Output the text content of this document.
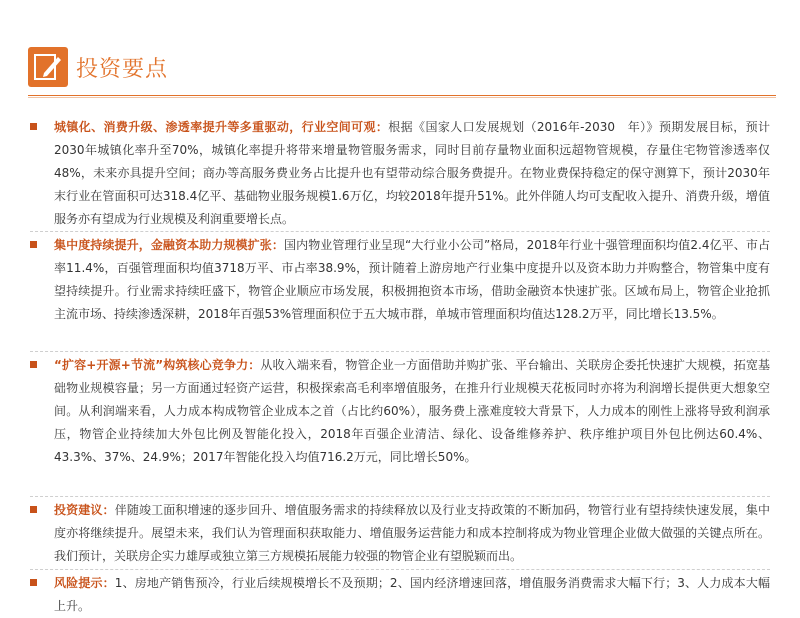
投资要点
城镇化、消费升级、渗透率提升等多重驱动，行业空间可观：根据《国家人口发展规划（2016年-2030　年）》预期发展目标，预计2030年城镇化率升至70%，城镇化率提升将带来增量物管服务需求，同时目前存量物业面积远超物管规模，存量住宅物管渗透率仅48%，未来亦具提升空间；商办等高服务费业务占比提升也有望带动综合服务费提升。在物业费保持稳定的保守测算下，预计2030年末行业在管面积可达318.4亿平、基础物业服务规模1.6万亿，均较2018年提升51%。此外伴随人均可支配收入提升、消费升级，增值服务亦有望成为行业规模及利润重要增长点。
集中度持续提升，金融资本助力规模扩张：国内物业管理行业呈现“大行业小公司”格局，2018年行业十强管理面积均值2.4亿平、市占率11.4%，百强管理面积均值3718万平、市占率38.9%，预计随着上游房地产行业集中度提升以及资本助力并购整合，物管集中度有望持续提升。行业需求持续旺盛下，物管企业顺应市场发展，积极拥抱资本市场，借助金融资本快速扩张。区域布局上，物管企业抢抓主流市场、持续渗透深耕，2018年百强53%管理面积位于五大城市群，单城市管理面积均值达128.2万平，同比增长13.5%。
“扩容+开源+节流”构筑核心竞争力：从收入端来看，物管企业一方面借助并购扩张、平台输出、关联房企委托快速扩大规模，拓宽基础物业规模容量；另一方面通过轻资产运营，积极探索高毛利率增值服务，在推升行业规模天花板同时亦将为利润增长提供更大想象空间。从利润端来看，人力成本构成物管企业成本之首（占比约60%），服务费上涨难度较大背景下，人力成本的刚性上涨将导致利润承压，物管企业持续加大外包比例及智能化投入，2018年百强企业清洁、绿化、设备维修养护、秩序维护项目外包比例达60.4%、43.3%、37%、24.9%；2017年智能化投入均值716.2万元，同比增长50%。
投资建议：伴随竣工面积增速的逐步回升、增值服务需求的持续释放以及行业支持政策的不断加码，物管行业有望持续快速发展，集中度亦将继续提升。展望未来，我们认为管理面积获取能力、增值服务运营能力和成本控制将成为物业管理企业做大做强的关键点所在。我们预计，关联房企实力雄厚或独立第三方规模拓展能力较强的物管企业有望脱颖而出。
风险提示：1、房地产销售预冷，行业后续规模增长不及预期；2、国内经济增速回落，增值服务消费需求大幅下行；3、人力成本大幅上升。
